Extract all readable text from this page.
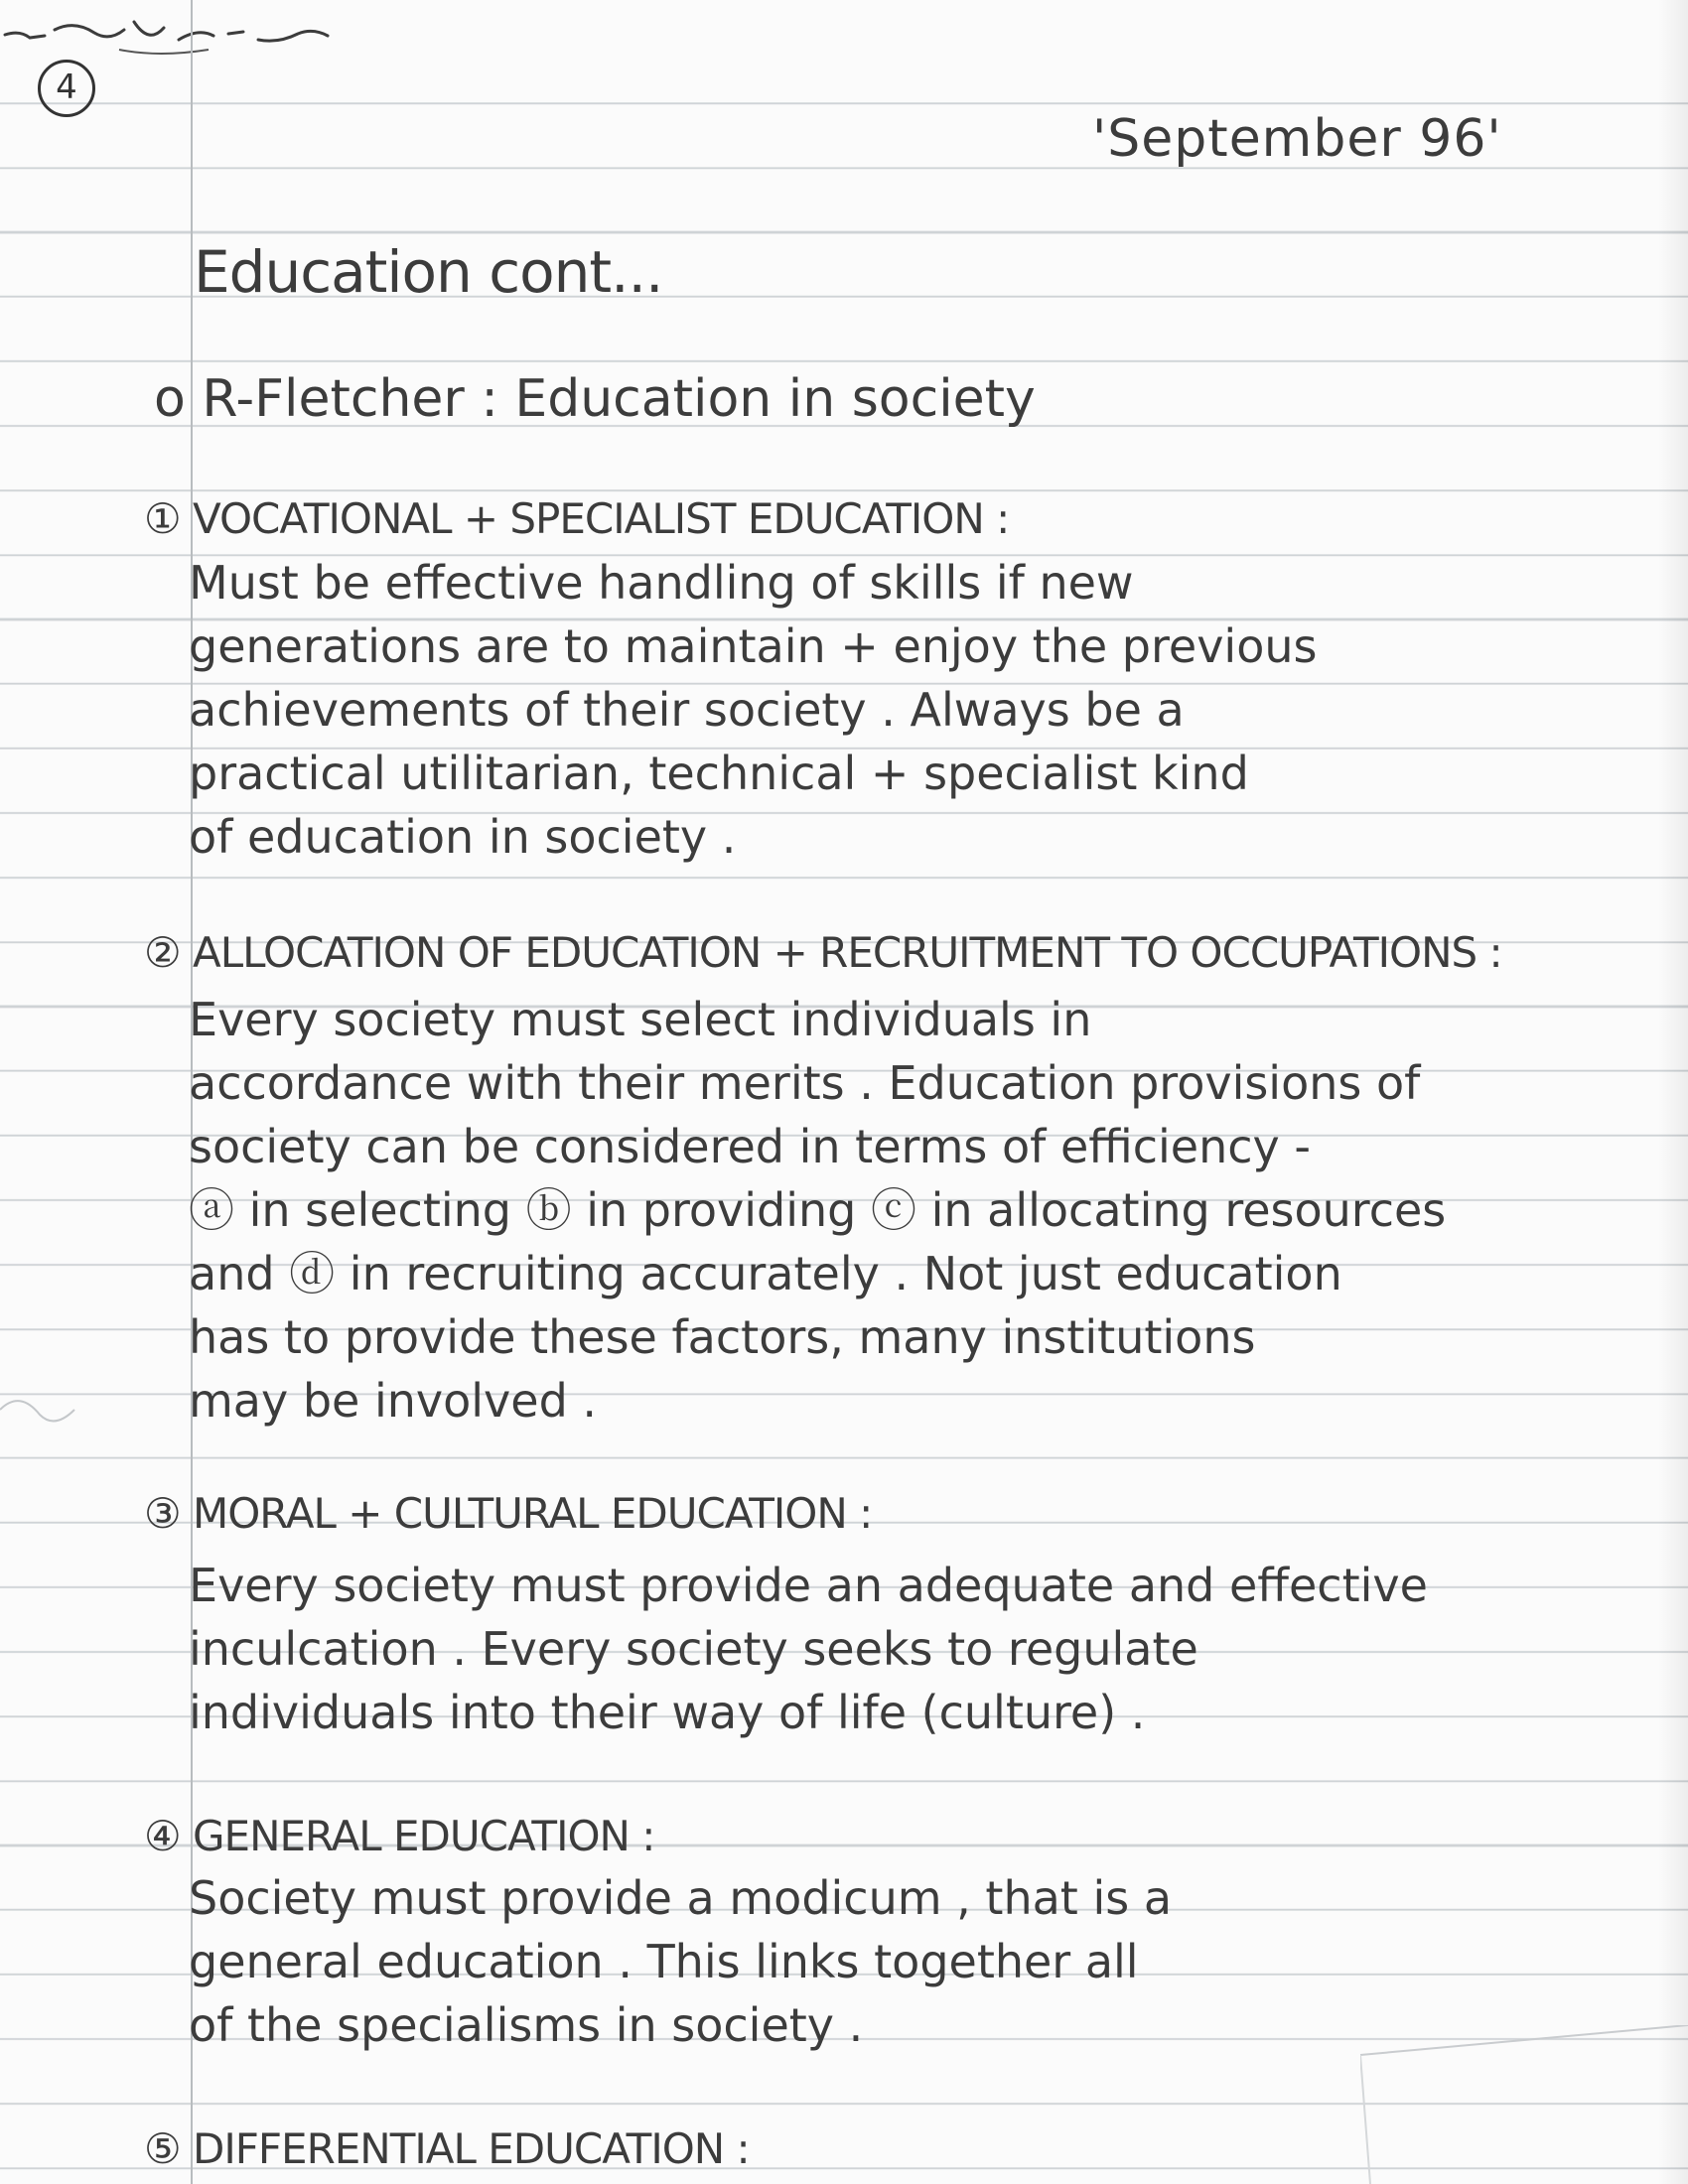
4
'September 96'
Education cont...
o R-Fletcher : Education in society
① VOCATIONAL + SPECIALIST EDUCATION :
Must be effective handling of skills if new
generations are to maintain + enjoy the previous
achievements of their society . Always be a
practical utilitarian, technical + specialist kind
of education in society .
② ALLOCATION OF EDUCATION + RECRUITMENT TO OCCUPATIONS :
Every society must select individuals in
accordance with their merits . Education provisions of
society can be considered in terms of efficiency -
ⓐ in selecting ⓑ in providing ⓒ in allocating resources
and ⓓ in recruiting accurately . Not just education
has to provide these factors, many institutions
may be involved .
③ MORAL + CULTURAL EDUCATION :
Every society must provide an adequate and effective
inculcation . Every society seeks to regulate
individuals into their way of life (culture) .
④ GENERAL EDUCATION :
Society must provide a modicum , that is a
general education . This links together all
of the specialisms in society .
⑤ DIFFERENTIAL EDUCATION :
